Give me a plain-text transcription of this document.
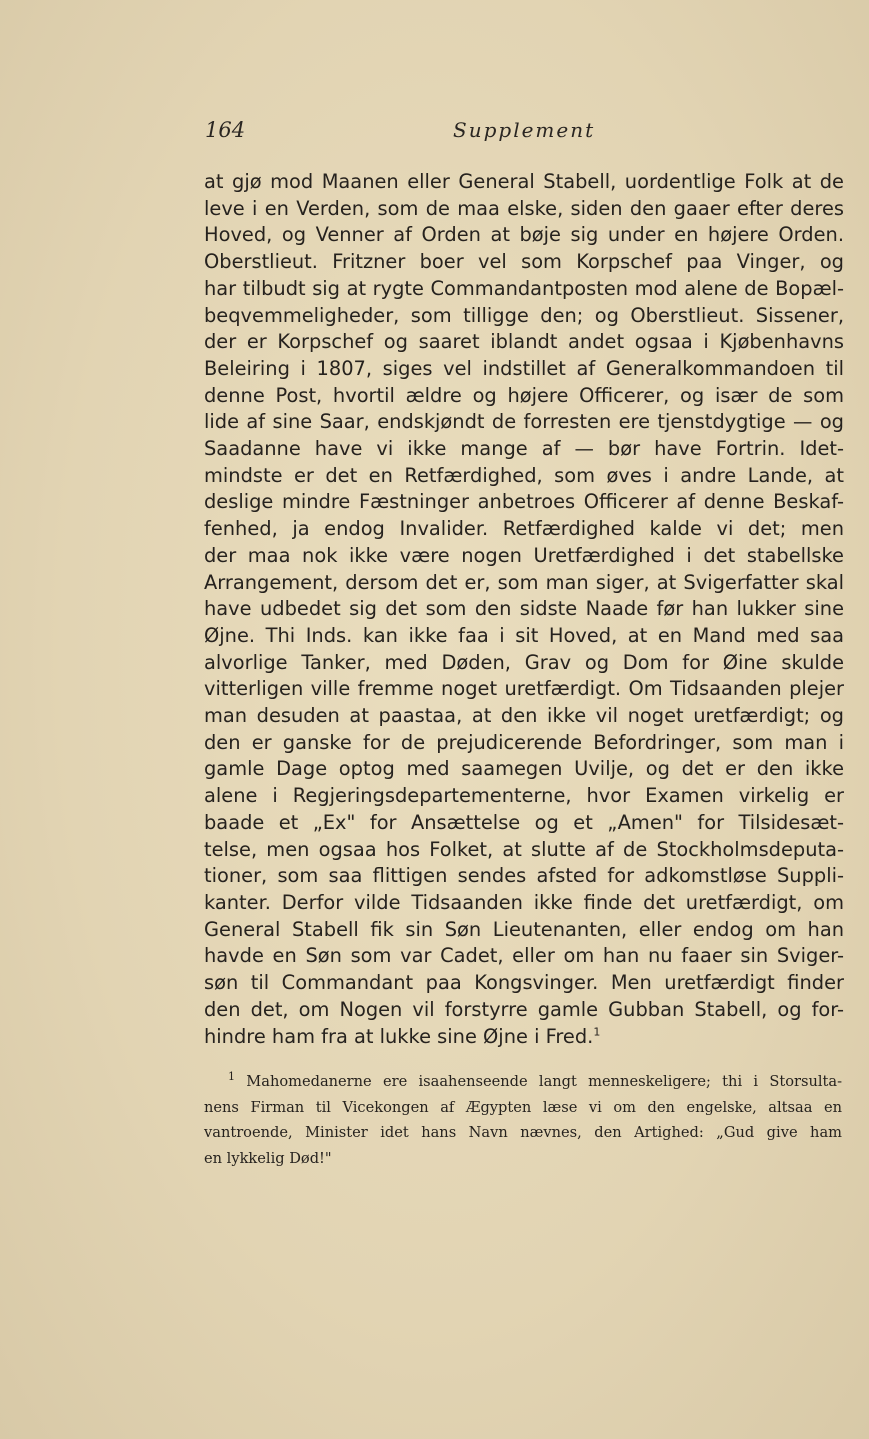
164	Supplement
at gjø mod Maanen eller General Stabell, uordentlige Folk at de
leve i en Verden, som de maa elske, siden den gaaer efter deres
Hoved, og Venner af Orden at bøje sig under en højere Orden.
Oberstlieut. Fritzner boer vel som Korpschef paa Vinger, og
har tilbudt sig at rygte Commandantposten mod alene de Bopæl-
beqvemmeligheder, som tilligge den; og Oberstlieut. Sissener,
der er Korpschef og saaret iblandt andet ogsaa i Kjøbenhavns
Beleiring i 1807, siges vel indstillet af Generalkommandoen til
denne Post, hvortil ældre og højere Officerer, og især de som
lide af sine Saar, endskjøndt de forresten ere tjenstdygtige — og
Saadanne have vi ikke mange af — bør have Fortrin. Idet-
mindste er det en Retfærdighed, som øves i andre Lande, at
deslige mindre Fæstninger anbetroes Officerer af denne Beskaf-
fenhed, ja endog Invalider. Retfærdighed kalde vi det; men
der maa nok ikke være nogen Uretfærdighed i det stabellske
Arrangement, dersom det er, som man siger, at Svigerfatter skal
have udbedet sig det som den sidste Naade før han lukker sine
Øjne. Thi Inds. kan ikke faa i sit Hoved, at en Mand med saa
alvorlige Tanker, med Døden, Grav og Dom for Øine skulde
vitterligen ville fremme noget uretfærdigt. Om Tidsaanden plejer
man desuden at paastaa, at den ikke vil noget uretfærdigt; og
den er ganske for de prejudicerende Befordringer, som man i
gamle Dage optog med saamegen Uvilje, og det er den ikke
alene i Regjeringsdepartementerne, hvor Examen virkelig er
baade et „Ex" for Ansættelse og et „Amen" for Tilsidesæt-
telse, men ogsaa hos Folket, at slutte af de Stockholmsdeputa-
tioner, som saa flittigen sendes afsted for adkomstløse Suppli-
kanter. Derfor vilde Tidsaanden ikke finde det uretfærdigt, om
General Stabell fik sin Søn Lieutenanten, eller endog om han
havde en Søn som var Cadet, eller om han nu faaer sin Sviger-
søn til Commandant paa Kongsvinger. Men uretfærdigt finder
den det, om Nogen vil forstyrre gamle Gubban Stabell, og for-
hindre ham fra at lukke sine Øjne i Fred.$^1$
$^1$ Mahomedanerne ere isaahenseende langt menneskeligere; thi i Storsulta-
nens Firman til Vicekongen af Ægypten læse vi om den engelske, altsaa en
vantroende, Minister idet hans Navn nævnes, den Artighed: „Gud give ham
en lykkelig Død!"
